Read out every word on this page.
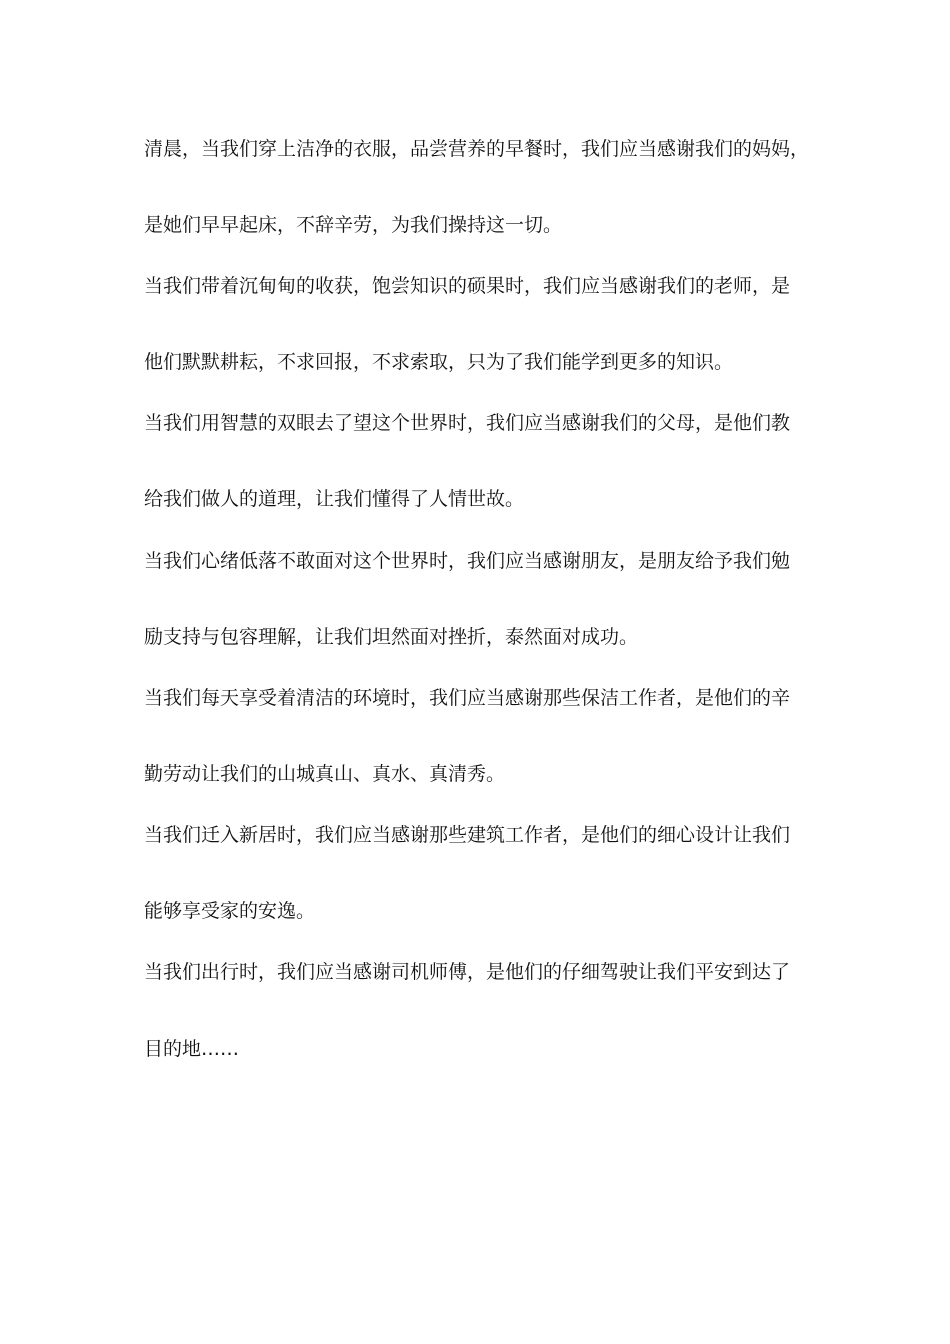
清晨，当我们穿上洁净的衣服，品尝营养的早餐时，我们应当感谢我们的妈妈，
是她们早早起床，不辞辛劳，为我们操持这一切。
当我们带着沉甸甸的收获，饱尝知识的硕果时，我们应当感谢我们的老师，是
他们默默耕耘，不求回报，不求索取，只为了我们能学到更多的知识。
当我们用智慧的双眼去了望这个世界时，我们应当感谢我们的父母，是他们教
给我们做人的道理，让我们懂得了人情世故。
当我们心绪低落不敢面对这个世界时，我们应当感谢朋友，是朋友给予我们勉
励支持与包容理解，让我们坦然面对挫折，泰然面对成功。
当我们每天享受着清洁的环境时，我们应当感谢那些保洁工作者，是他们的辛
勤劳动让我们的山城真山、真水、真清秀。
当我们迁入新居时，我们应当感谢那些建筑工作者，是他们的细心设计让我们
能够享受家的安逸。
当我们出行时，我们应当感谢司机师傅，是他们的仔细驾驶让我们平安到达了
目的地……
